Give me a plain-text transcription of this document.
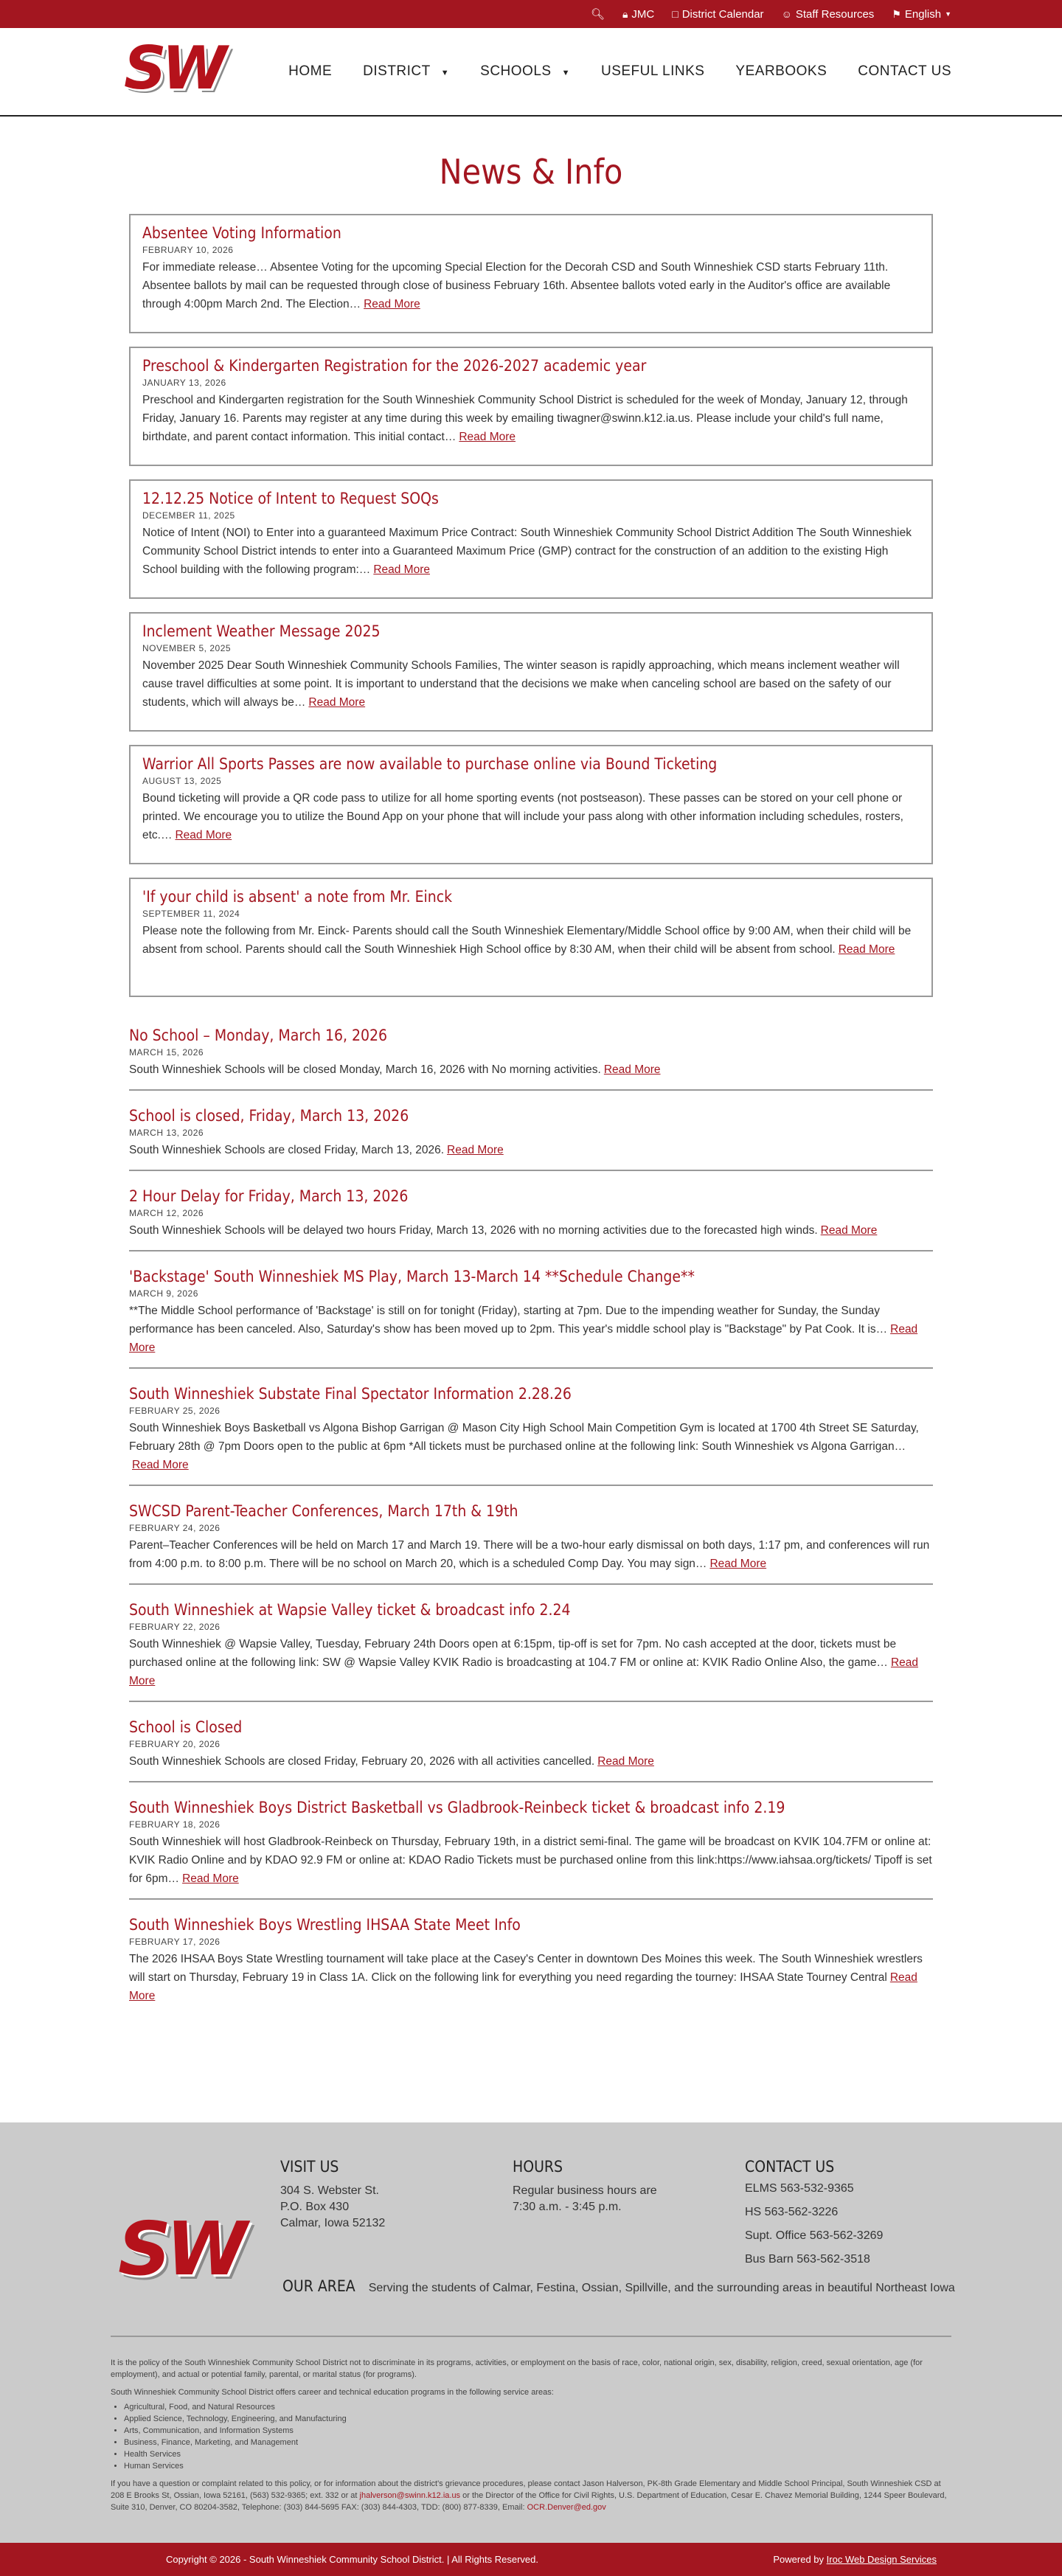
🔍︎ 🔒︎ JMC □ District Calendar ☺ Staff Resources ⚑ English ▼
SW	HOME DISTRICT ▼ SCHOOLS ▼ USEFUL LINKS YEARBOOKS CONTACT US
News & Info
Absentee Voting Information
FEBRUARY 10, 2026
For immediate release… Absentee Voting for the upcoming Special Election for the Decorah CSD and South Winneshiek CSD starts February 11th. Absentee ballots by mail can be requested through close of business February 16th. Absentee ballots voted early in the Auditor's office are available through 4:00pm March 2nd. The Election… Read More
Preschool & Kindergarten Registration for the 2026-2027 academic year
JANUARY 13, 2026
Preschool and Kindergarten registration for the South Winneshiek Community School District is scheduled for the week of Monday, January 12, through Friday, January 16. Parents may register at any time during this week by emailing tiwagner@swinn.k12.ia.us. Please include your child's full name, birthdate, and parent contact information. This initial contact… Read More
12.12.25 Notice of Intent to Request SOQs
DECEMBER 11, 2025
Notice of Intent (NOI) to Enter into a guaranteed Maximum Price Contract: South Winneshiek Community School District Addition The South Winneshiek Community School District intends to enter into a Guaranteed Maximum Price (GMP) contract for the construction of an addition to the existing High School building with the following program:… Read More
Inclement Weather Message 2025
NOVEMBER 5, 2025
November 2025 Dear South Winneshiek Community Schools Families, The winter season is rapidly approaching, which means inclement weather will cause travel difficulties at some point. It is important to understand that the decisions we make when canceling school are based on the safety of our students, which will always be… Read More
Warrior All Sports Passes are now available to purchase online via Bound Ticketing
AUGUST 13, 2025
Bound ticketing will provide a QR code pass to utilize for all home sporting events (not postseason). These passes can be stored on your cell phone or printed. We encourage you to utilize the Bound App on your phone that will include your pass along with other information including schedules, rosters, etc.… Read More
'If your child is absent' a note from Mr. Einck
SEPTEMBER 11, 2024
Please note the following from Mr. Einck- Parents should call the South Winneshiek Elementary/Middle School office by 9:00 AM, when their child will be absent from school. Parents should call the South Winneshiek High School office by 8:30 AM, when their child will be absent from school. Read More
No School – Monday, March 16, 2026
MARCH 15, 2026
South Winneshiek Schools will be closed Monday, March 16, 2026 with No morning activities. Read More
School is closed, Friday, March 13, 2026
MARCH 13, 2026
South Winneshiek Schools are closed Friday, March 13, 2026. Read More
2 Hour Delay for Friday, March 13, 2026
MARCH 12, 2026
South Winneshiek Schools will be delayed two hours Friday, March 13, 2026 with no morning activities due to the forecasted high winds. Read More
'Backstage' South Winneshiek MS Play, March 13-March 14 **Schedule Change**
MARCH 9, 2026
**The Middle School performance of 'Backstage' is still on for tonight (Friday), starting at 7pm. Due to the impending weather for Sunday, the Sunday performance has been canceled. Also, Saturday's show has been moved up to 2pm. This year's middle school play is "Backstage" by Pat Cook. It is… Read More
South Winneshiek Substate Final Spectator Information 2.28.26
FEBRUARY 25, 2026
South Winneshiek Boys Basketball vs Algona Bishop Garrigan @ Mason City High School Main Competition Gym is located at 1700 4th Street SE Saturday, February 28th @ 7pm Doors open to the public at 6pm *All tickets must be purchased online at the following link: South Winneshiek vs Algona Garrigan…Read More
SWCSD Parent-Teacher Conferences, March 17th & 19th
FEBRUARY 24, 2026
Parent–Teacher Conferences will be held on March 17 and March 19. There will be a two-hour early dismissal on both days, 1:17 pm, and conferences will run from 4:00 p.m. to 8:00 p.m. There will be no school on March 20, which is a scheduled Comp Day. You may sign… Read More
South Winneshiek at Wapsie Valley ticket & broadcast info 2.24
FEBRUARY 22, 2026
South Winneshiek @ Wapsie Valley, Tuesday, February 24th Doors open at 6:15pm, tip-off is set for 7pm. No cash accepted at the door, tickets must be purchased online at the following link: SW @ Wapsie Valley KVIK Radio is broadcasting at 104.7 FM or online at: KVIK Radio Online Also, the game… Read More
School is Closed
FEBRUARY 20, 2026
South Winneshiek Schools are closed Friday, February 20, 2026 with all activities cancelled. Read More
South Winneshiek Boys District Basketball vs Gladbrook-Reinbeck ticket & broadcast info 2.19
FEBRUARY 18, 2026
South Winneshiek will host Gladbrook-Reinbeck on Thursday, February 19th, in a district semi-final. The game will be broadcast on KVIK 104.7FM or online at: KVIK Radio Online and by KDAO 92.9 FM or online at: KDAO Radio Tickets must be purchased online from this link:https://www.iahsaa.org/tickets/ Tipoff is set for 6pm… Read More
South Winneshiek Boys Wrestling IHSAA State Meet Info
FEBRUARY 17, 2026
The 2026 IHSAA Boys State Wrestling tournament will take place at the Casey's Center in downtown Des Moines this week. The South Winneshiek wrestlers will start on Thursday, February 19 in Class 1A. Click on the following link for everything you need regarding the tourney: IHSAA State Tourney Central Read More
SW
VISIT US
304 S. Webster St.
P.O. Box 430
Calmar, Iowa 52132
HOURS
Regular business hours are
7:30 a.m. - 3:45 p.m.
CONTACT US
ELMS 563-532-9365
HS 563-562-3226
Supt. Office 563-562-3269
Bus Barn 563-562-3518
OUR AREA Serving the students of Calmar, Festina, Ossian, Spillville, and the surrounding areas in beautiful Northeast Iowa
It is the policy of the South Winneshiek Community School District not to discriminate in its programs, activities, or employment on the basis of race, color, national origin, sex, disability, religion, creed, sexual orientation, age (for employment), and actual or potential family, parental, or marital status (for programs).
South Winneshiek Community School District offers career and technical education programs in the following service areas:
• Agricultural, Food, and Natural Resources
• Applied Science, Technology, Engineering, and Manufacturing
• Arts, Communication, and Information Systems
• Business, Finance, Marketing, and Management
• Health Services
• Human Services
If you have a question or complaint related to this policy, or for information about the district's grievance procedures, please contact Jason Halverson, PK-8th Grade Elementary and Middle School Principal, South Winneshiek CSD at 208 E Brooks St, Ossian, Iowa 52161, (563) 532-9365; ext. 332 or at jhalverson@swinn.k12.ia.us or the Director of the Office for Civil Rights, U.S. Department of Education, Cesar E. Chavez Memorial Building, 1244 Speer Boulevard, Suite 310, Denver, CO 80204-3582, Telephone: (303) 844-5695 FAX: (303) 844-4303, TDD: (800) 877-8339, Email: OCR.Denver@ed.gov
Copyright © 2026 - South Winneshiek Community School District. | All Rights Reserved.	Powered by Iroc Web Design Services
